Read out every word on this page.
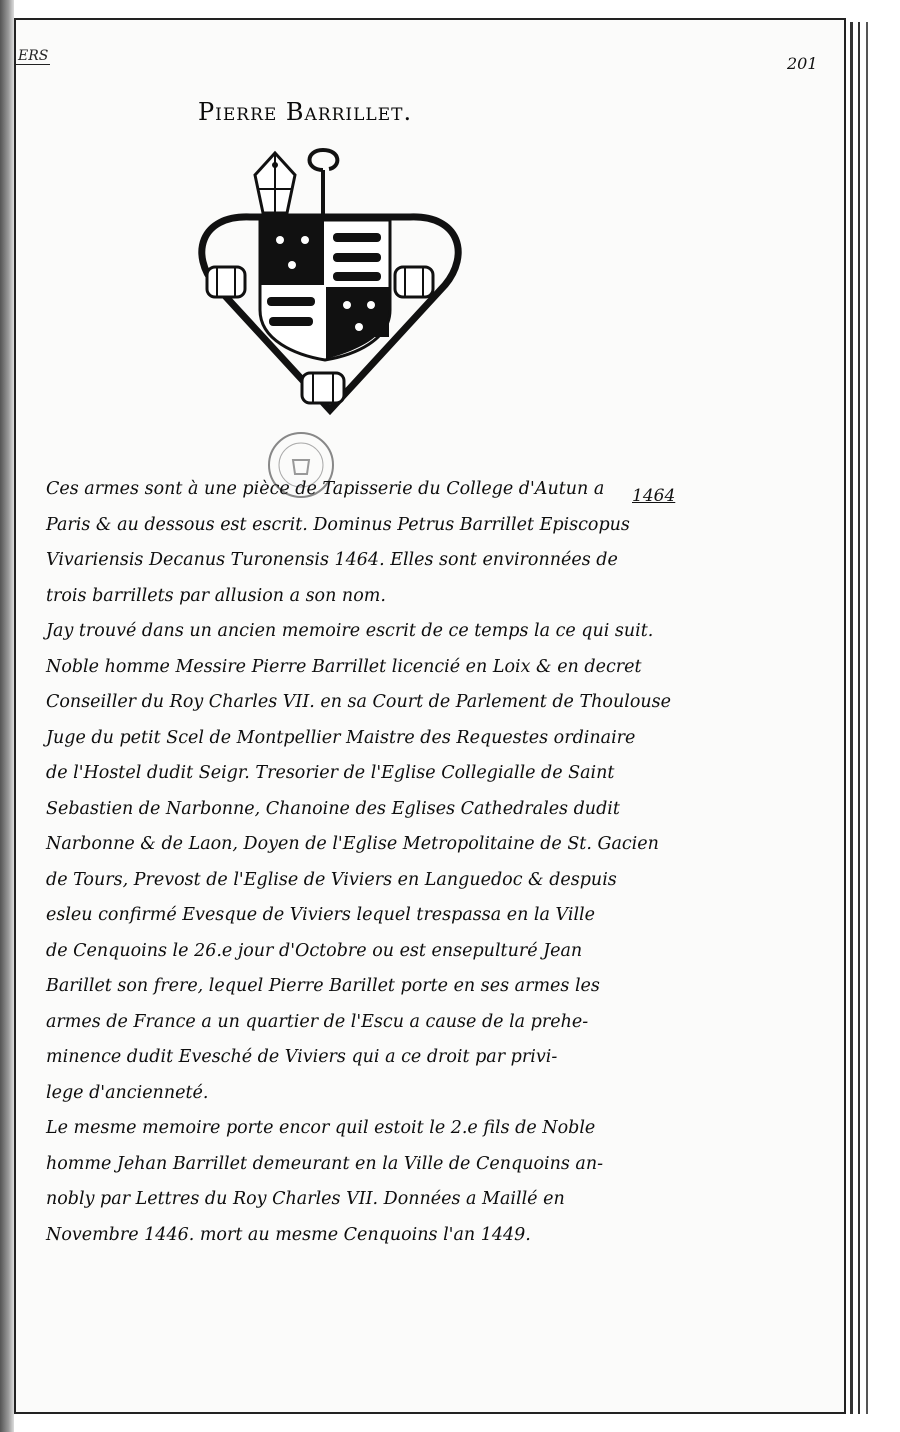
ERS	201
Pierre Barrillet.
1464
Ces armes sont à une pièce de Tapisserie du College d'Autun a
Paris & au dessous est escrit. Dominus Petrus Barrillet Episcopus
Vivariensis Decanus Turonensis 1464. Elles sont environnées de
trois barrillets par allusion a son nom.
Jay trouvé dans un ancien memoire escrit de ce temps la ce qui suit.
Noble homme Messire Pierre Barrillet licencié en Loix & en decret
Conseiller du Roy Charles VII. en sa Court de Parlement de Thoulouse
Juge du petit Scel de Montpellier Maistre des Requestes ordinaire
de l'Hostel dudit Seigr. Tresorier de l'Eglise Collegialle de Saint
Sebastien de Narbonne, Chanoine des Eglises Cathedrales dudit
Narbonne & de Laon, Doyen de l'Eglise Metropolitaine de St. Gacien
de Tours, Prevost de l'Eglise de Viviers en Languedoc & despuis
esleu confirmé Evesque de Viviers lequel trespassa en la Ville
de Cenquoins le 26.e jour d'Octobre ou est ensepulturé Jean
Barillet son frere, lequel Pierre Barillet porte en ses armes les
armes de France a un quartier de l'Escu a cause de la prehe-
minence dudit Evesché de Viviers qui a ce droit par privi-
lege d'ancienneté.
Le mesme memoire porte encor quil estoit le 2.e fils de Noble
homme Jehan Barrillet demeurant en la Ville de Cenquoins an-
nobly par Lettres du Roy Charles VII. Données a Maillé en
Novembre 1446. mort au mesme Cenquoins l'an 1449.
